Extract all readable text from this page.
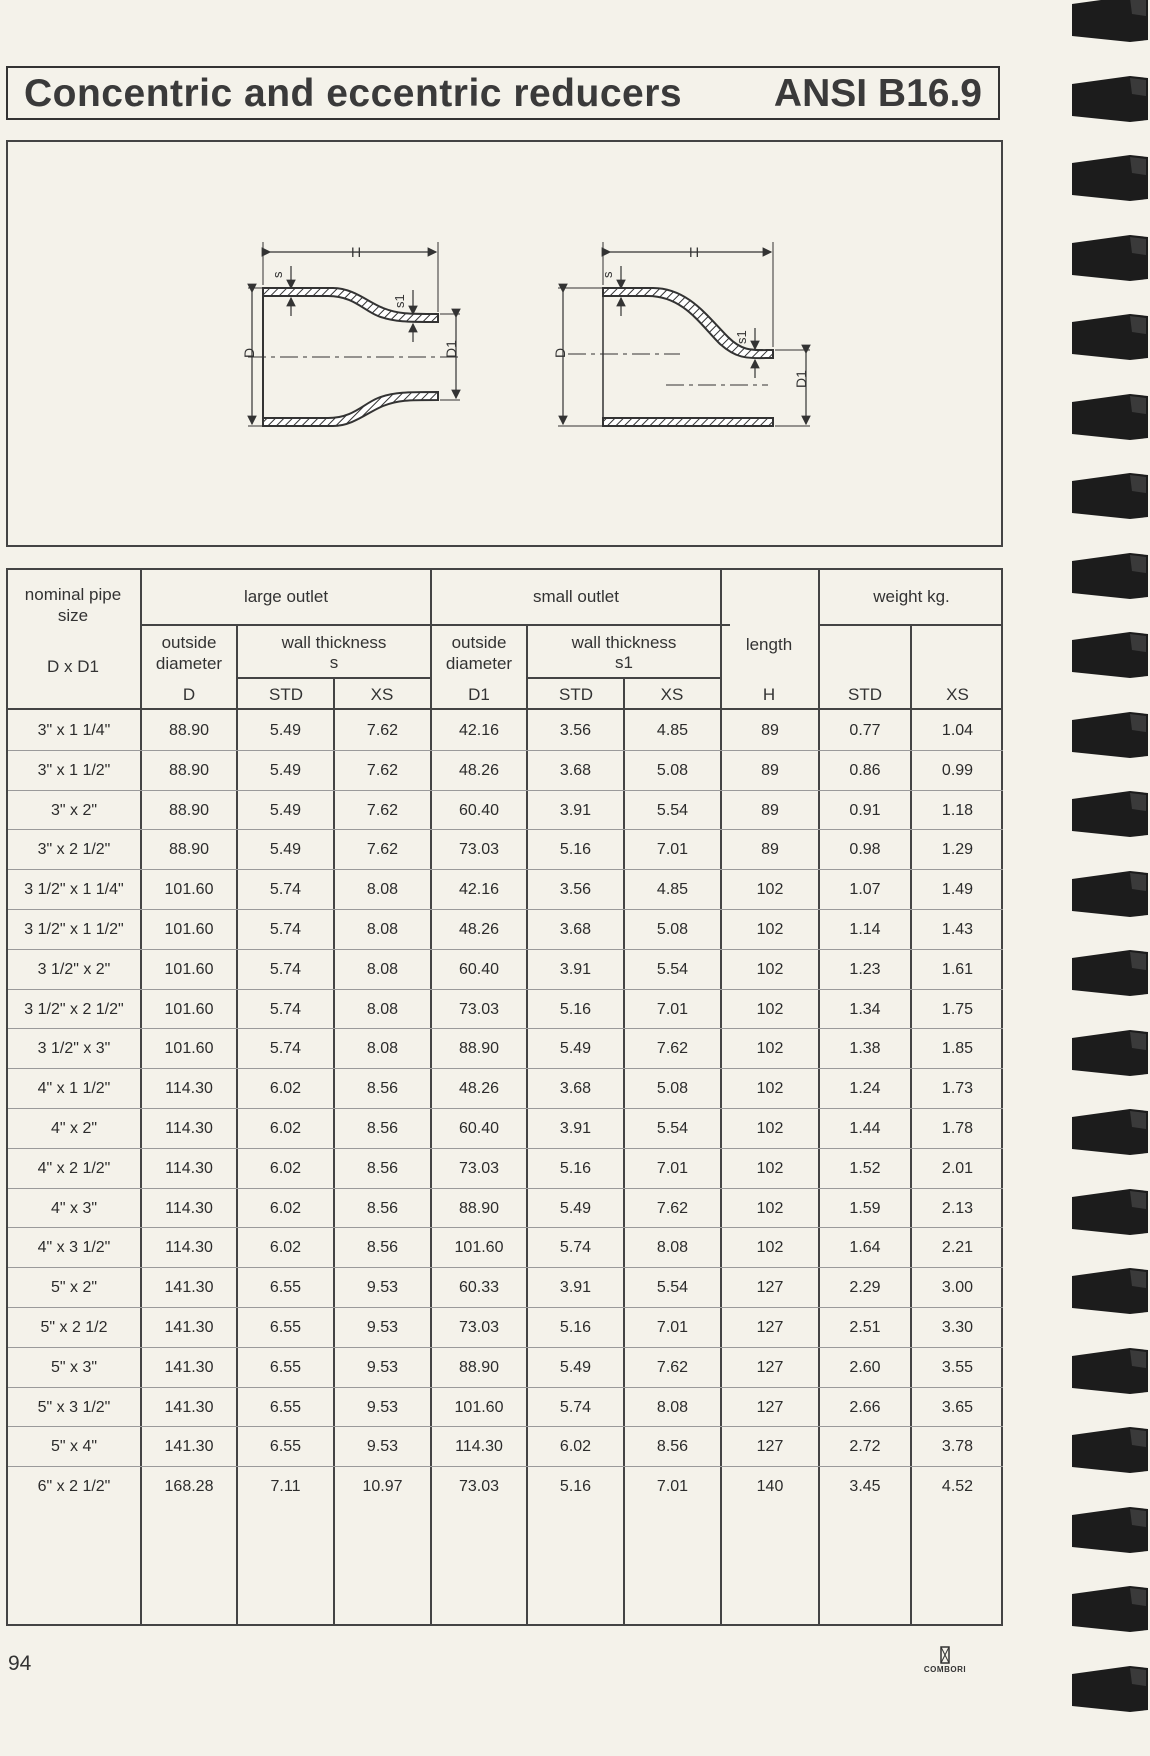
Concentric and eccentric reducers ANSI B16.9
H
s
s1
D	D1
H
s
s1
D
D1
nominal pipe size
D x D1
large outlet	small outlet
length
weight kg.
outside diameter
wall thickness
s
outside diameter
wall thickness
s1
D	STD	XS	D1	STD	XS	H	STD	XS
3" x 1 1/4"	88.90	5.49	7.62	42.16	3.56	4.85	89	0.77	1.04
3" x 1 1/2"	88.90	5.49	7.62	48.26	3.68	5.08	89	0.86	0.99
3" x 2"	88.90	5.49	7.62	60.40	3.91	5.54	89	0.91	1.18
3" x 2 1/2"	88.90	5.49	7.62	73.03	5.16	7.01	89	0.98	1.29
3 1/2" x 1 1/4"	101.60	5.74	8.08	42.16	3.56	4.85	102	1.07	1.49
3 1/2" x 1 1/2"	101.60	5.74	8.08	48.26	3.68	5.08	102	1.14	1.43
3 1/2" x 2"	101.60	5.74	8.08	60.40	3.91	5.54	102	1.23	1.61
3 1/2" x 2 1/2"	101.60	5.74	8.08	73.03	5.16	7.01	102	1.34	1.75
3 1/2" x 3"	101.60	5.74	8.08	88.90	5.49	7.62	102	1.38	1.85
4" x 1 1/2"	114.30	6.02	8.56	48.26	3.68	5.08	102	1.24	1.73
4" x 2"	114.30	6.02	8.56	60.40	3.91	5.54	102	1.44	1.78
4" x 2 1/2"	114.30	6.02	8.56	73.03	5.16	7.01	102	1.52	2.01
4" x 3"	114.30	6.02	8.56	88.90	5.49	7.62	102	1.59	2.13
4" x 3 1/2"	114.30	6.02	8.56	101.60	5.74	8.08	102	1.64	2.21
5" x 2"	141.30	6.55	9.53	60.33	3.91	5.54	127	2.29	3.00
5" x 2 1/2	141.30	6.55	9.53	73.03	5.16	7.01	127	2.51	3.30
5" x 3"	141.30	6.55	9.53	88.90	5.49	7.62	127	2.60	3.55
5" x 3 1/2"	141.30	6.55	9.53	101.60	5.74	8.08	127	2.66	3.65
5" x 4"	141.30	6.55	9.53	114.30	6.02	8.56	127	2.72	3.78
6" x 2 1/2"	168.28	7.11	10.97	73.03	5.16	7.01	140	3.45	4.52
94	COMBORI
